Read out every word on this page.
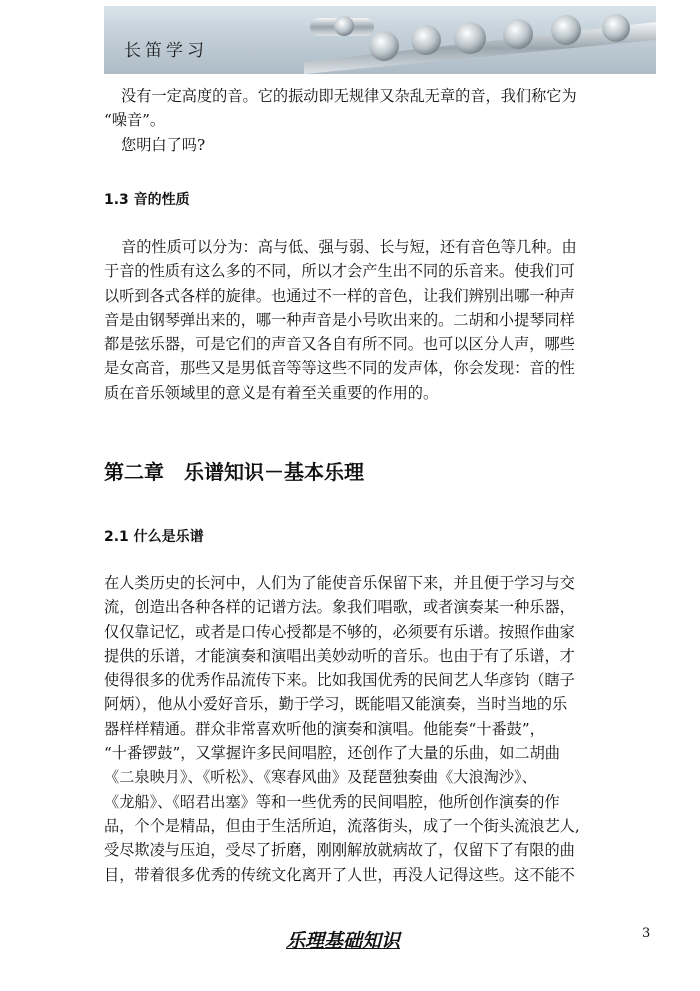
长笛学习
没有一定高度的音。它的振动即无规律又杂乱无章的音，我们称它为
“噪音”。
您明白了吗?
1.3 音的性质
音的性质可以分为：高与低、强与弱、长与短，还有音色等几种。由
于音的性质有这么多的不同，所以才会产生出不同的乐音来。使我们可
以听到各式各样的旋律。也通过不一样的音色，让我们辨别出哪一种声
音是由钢琴弹出来的，哪一种声音是小号吹出来的。二胡和小提琴同样
都是弦乐器，可是它们的声音又各自有所不同。也可以区分人声，哪些
是女高音，那些又是男低音等等这些不同的发声体，你会发现：音的性
质在音乐领域里的意义是有着至关重要的作用的。
第二章　乐谱知识－基本乐理
2.1 什么是乐谱
在人类历史的长河中，人们为了能使音乐保留下来，并且便于学习与交
流，创造出各种各样的记谱方法。象我们唱歌，或者演奏某一种乐器，
仅仅靠记忆，或者是口传心授都是不够的，必须要有乐谱。按照作曲家
提供的乐谱，才能演奏和演唱出美妙动听的音乐。也由于有了乐谱，才
使得很多的优秀作品流传下来。比如我国优秀的民间艺人华彦钧（瞎子
阿炳），他从小爱好音乐，勤于学习，既能唱又能演奏，当时当地的乐
器样样精通。群众非常喜欢听他的演奏和演唱。他能奏“十番鼓”，
“十番锣鼓”，又掌握许多民间唱腔，还创作了大量的乐曲，如二胡曲
《二泉映月》、《听松》、《寒春风曲》及琵琶独奏曲《大浪淘沙》、
《龙船》、《昭君出塞》等和一些优秀的民间唱腔，他所创作演奏的作
品，个个是精品，但由于生活所迫，流落街头，成了一个街头流浪艺人,
受尽欺凌与压迫，受尽了折磨，刚刚解放就病故了，仅留下了有限的曲
目，带着很多优秀的传统文化离开了人世，再没人记得这些。这不能不
乐理基础知识	3
